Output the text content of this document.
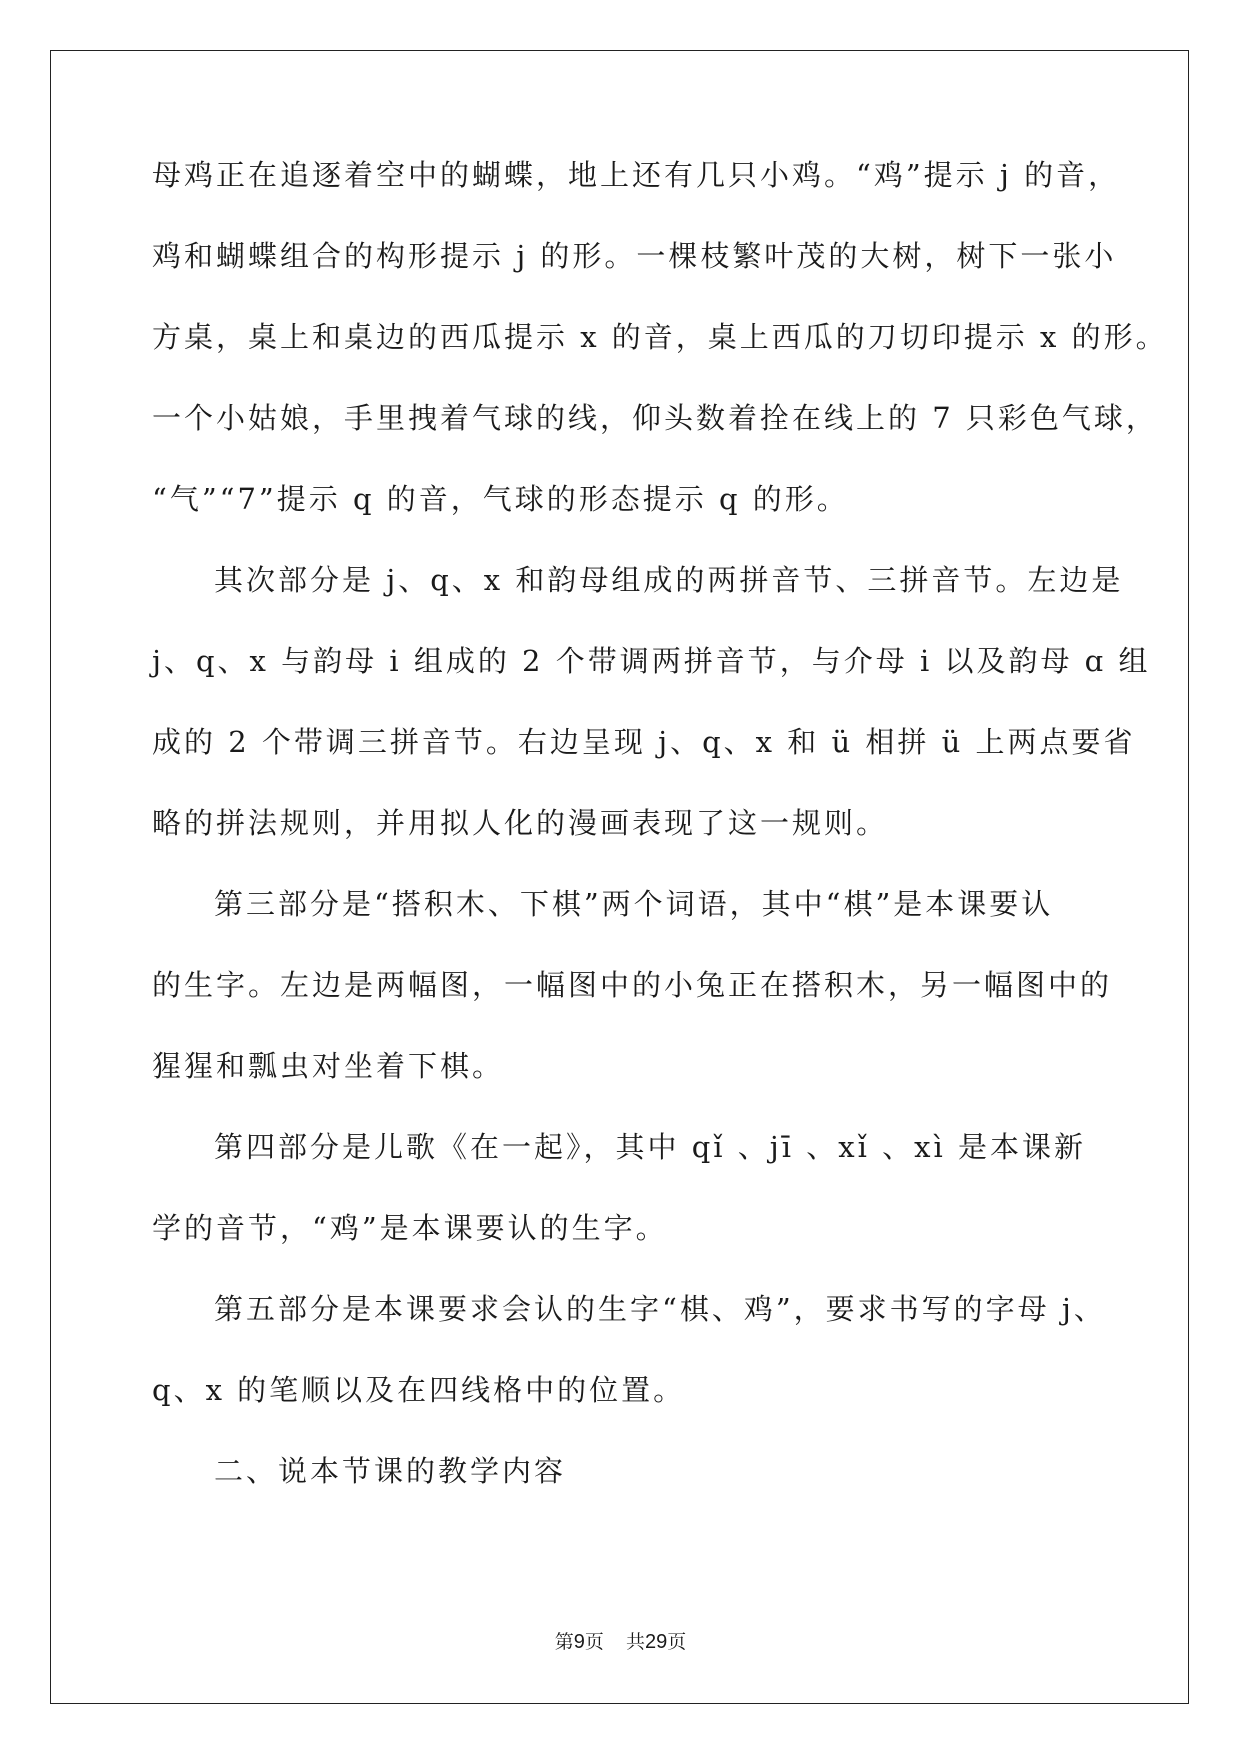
母鸡正在追逐着空中的蝴蝶，地上还有几只小鸡。“鸡”提示 j 的音，
鸡和蝴蝶组合的构形提示 j 的形。一棵枝繁叶茂的大树，树下一张小
方桌，桌上和桌边的西瓜提示 x 的音，桌上西瓜的刀切印提示 x 的形。
一个小姑娘，手里拽着气球的线，仰头数着拴在线上的 7 只彩色气球，
“气”“7”提示 q 的音，气球的形态提示 q 的形。
其次部分是 j、q、x 和韵母组成的两拼音节、三拼音节。左边是
j、q、x 与韵母 i 组成的 2 个带调两拼音节，与介母 i 以及韵母 ɑ 组
成的 2 个带调三拼音节。右边呈现 j、q、x 和 ü 相拼 ü 上两点要省
略的拼法规则，并用拟人化的漫画表现了这一规则。
第三部分是“搭积木、下棋”两个词语，其中“棋”是本课要认
的生字。左边是两幅图，一幅图中的小兔正在搭积木，另一幅图中的
猩猩和瓢虫对坐着下棋。
第四部分是儿歌《在一起》，其中 qǐ 、jī 、xǐ 、xì 是本课新
学的音节，“鸡”是本课要认的生字。
第五部分是本课要求会认的生字“棋、鸡”，要求书写的字母 j、
q、x 的笔顺以及在四线格中的位置。
二、说本节课的教学内容
第9页 共29页
